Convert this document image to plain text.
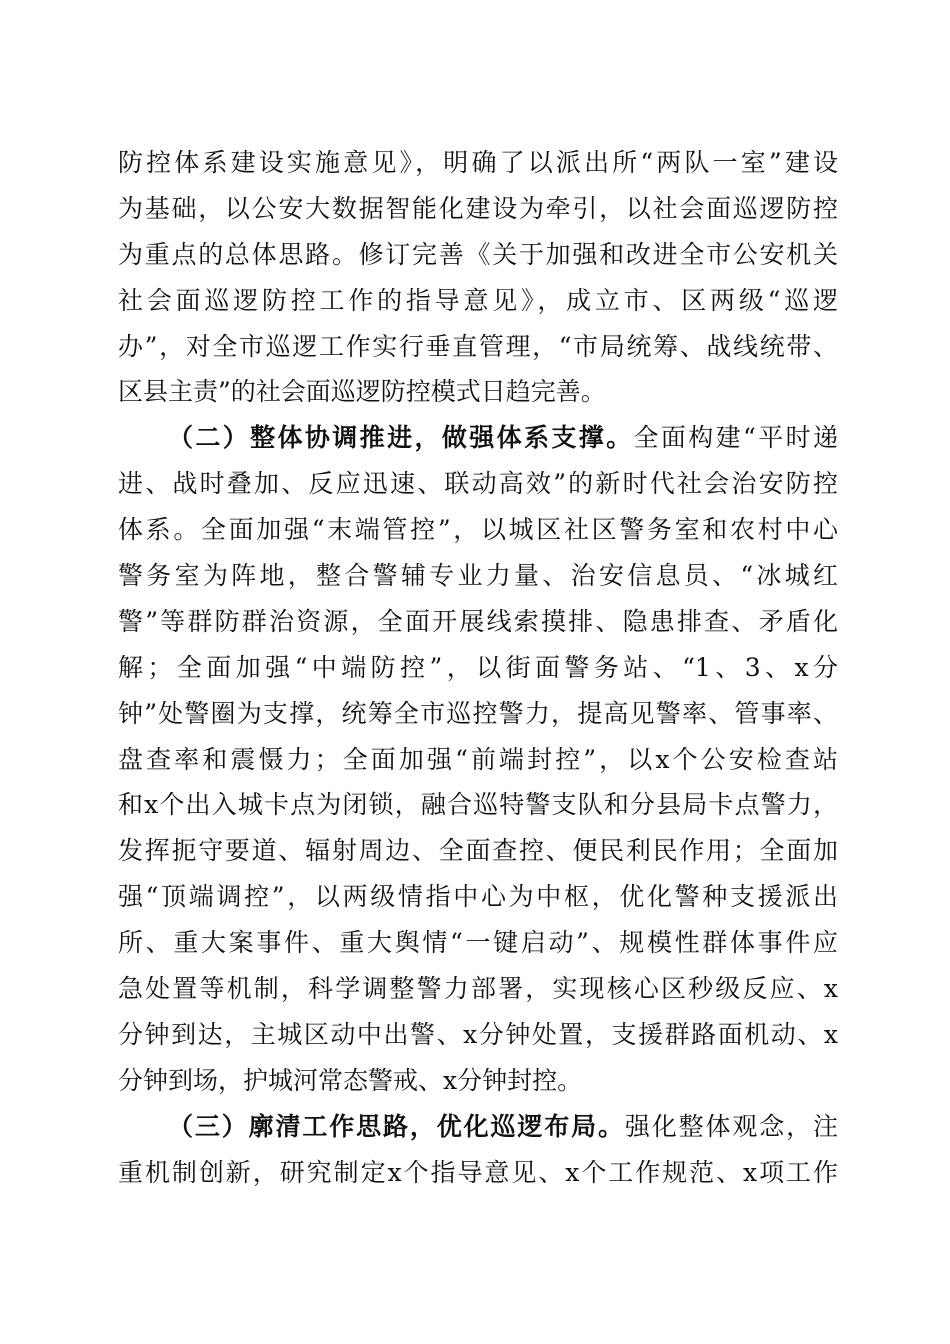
防控体系建设实施意见》，明确了以派出所“两队一室”建设
为基础，以公安大数据智能化建设为牵引，以社会面巡逻防控
为重点的总体思路。修订完善《关于加强和改进全市公安机关
社会面巡逻防控工作的指导意见》，成立市、区两级“巡逻
办”，对全市巡逻工作实行垂直管理，“市局统筹、战线统带、
区县主责”的社会面巡逻防控模式日趋完善。
（二）整体协调推进，做强体系支撑。全面构建“平时递
进、战时叠加、反应迅速、联动高效”的新时代社会治安防控
体系。全面加强“末端管控”，以城区社区警务室和农村中心
警务室为阵地，整合警辅专业力量、治安信息员、“冰城红
警”等群防群治资源，全面开展线索摸排、隐患排查、矛盾化
解；全面加强“中端防控”，以街面警务站、“1、3、x分
钟”处警圈为支撑，统筹全市巡控警力，提高见警率、管事率、
盘查率和震慑力；全面加强“前端封控”，以x个公安检查站
和x个出入城卡点为闭锁，融合巡特警支队和分县局卡点警力，
发挥扼守要道、辐射周边、全面查控、便民利民作用；全面加
强“顶端调控”，以两级情指中心为中枢，优化警种支援派出
所、重大案事件、重大舆情“一键启动”、规模性群体事件应
急处置等机制，科学调整警力部署，实现核心区秒级反应、x
分钟到达，主城区动中出警、x分钟处置，支援群路面机动、x
分钟到场，护城河常态警戒、x分钟封控。
（三）廓清工作思路，优化巡逻布局。强化整体观念，注
重机制创新，研究制定x个指导意见、x个工作规范、x项工作
